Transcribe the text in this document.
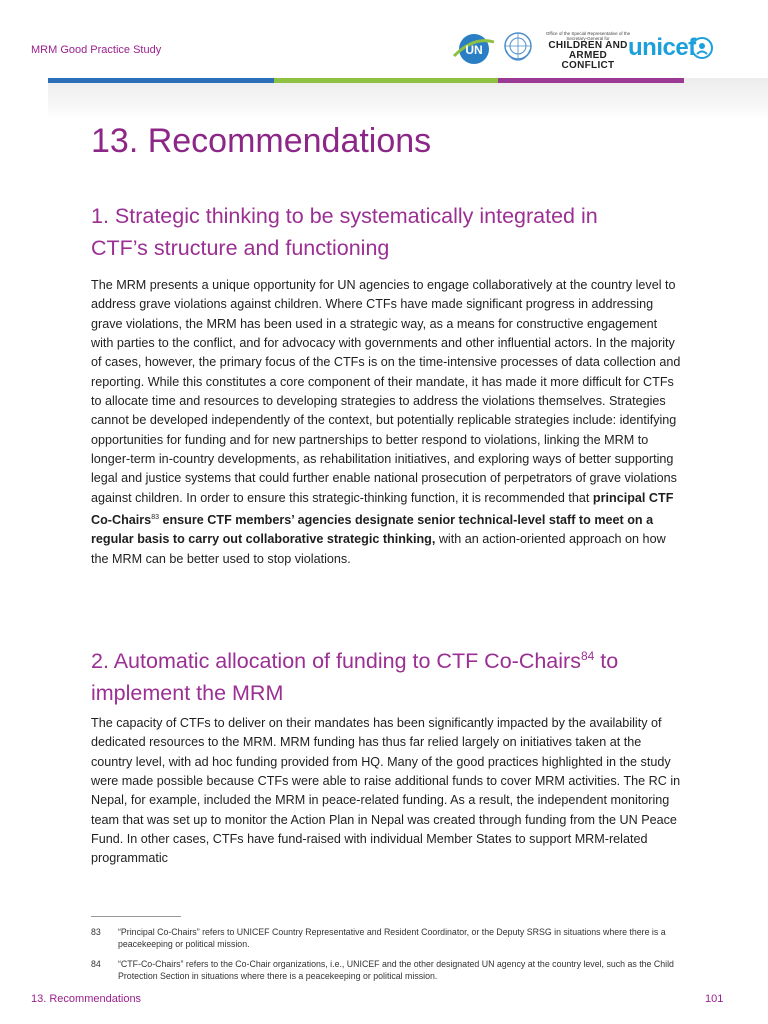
MRM Good Practice Study	UN
Office of the Special Representative of the Secretary-General for
CHILDREN AND
ARMED CONFLICT
unicef
13. Recommendations
1. Strategic thinking to be systematically integrated in
CTF’s structure and functioning

The MRM presents a unique opportunity for UN agencies to engage collaboratively at the country level to address grave violations against children. Where CTFs have made significant progress in addressing grave violations, the MRM has been used in a strategic way, as a means for constructive engagement with parties to the conflict, and for advocacy with governments and other influential actors. In the majority of cases, however, the primary focus of the CTFs is on the time-intensive processes of data collection and reporting. While this constitutes a core component of their mandate, it has made it more difficult for CTFs to allocate time and resources to developing strategies to address the violations themselves. Strategies cannot be developed independently of the context, but potentially replicable strategies include: identifying opportunities for funding and for new partnerships to better respond to violations, linking the MRM to longer-term in-country developments, as rehabilitation initiatives, and exploring ways of better supporting legal and justice systems that could further enable national prosecution of perpetrators of grave violations against children. In order to ensure this strategic-thinking function, it is recommended that principal CTF Co-Chairs$^{83}$ ensure CTF members’ agencies designate senior technical-level staff to meet on a regular basis to carry out collaborative strategic thinking, with an action-oriented approach on how the MRM can be better used to stop violations.

2. Automatic allocation of funding to CTF Co-Chairs$^{84}$ to
implement the MRM

The capacity of CTFs to deliver on their mandates has been significantly impacted by the availability of dedicated resources to the MRM. MRM funding has thus far relied largely on initiatives taken at the country level, with ad hoc funding provided from HQ. Many of the good practices highlighted in the study were made possible because CTFs were able to raise additional funds to cover MRM activities. The RC in Nepal, for example, included the MRM in peace-related funding. As a result, the independent monitoring team that was set up to monitor the Action Plan in Nepal was created through funding from the UN Peace Fund. In other cases, CTFs have fund-raised with individual Member States to support MRM-related programmatic

83 “Principal Co-Chairs” refers to UNICEF Country Representative and Resident Coordinator, or the Deputy SRSG in situations where there is a peacekeeping or political mission.
84 “CTF-Co-Chairs” refers to the Co-Chair organizations, i.e., UNICEF and the other designated UN agency at the country level, such as the Child Protection Section in situations where there is a peacekeeping or political mission.
13. Recommendations	101
